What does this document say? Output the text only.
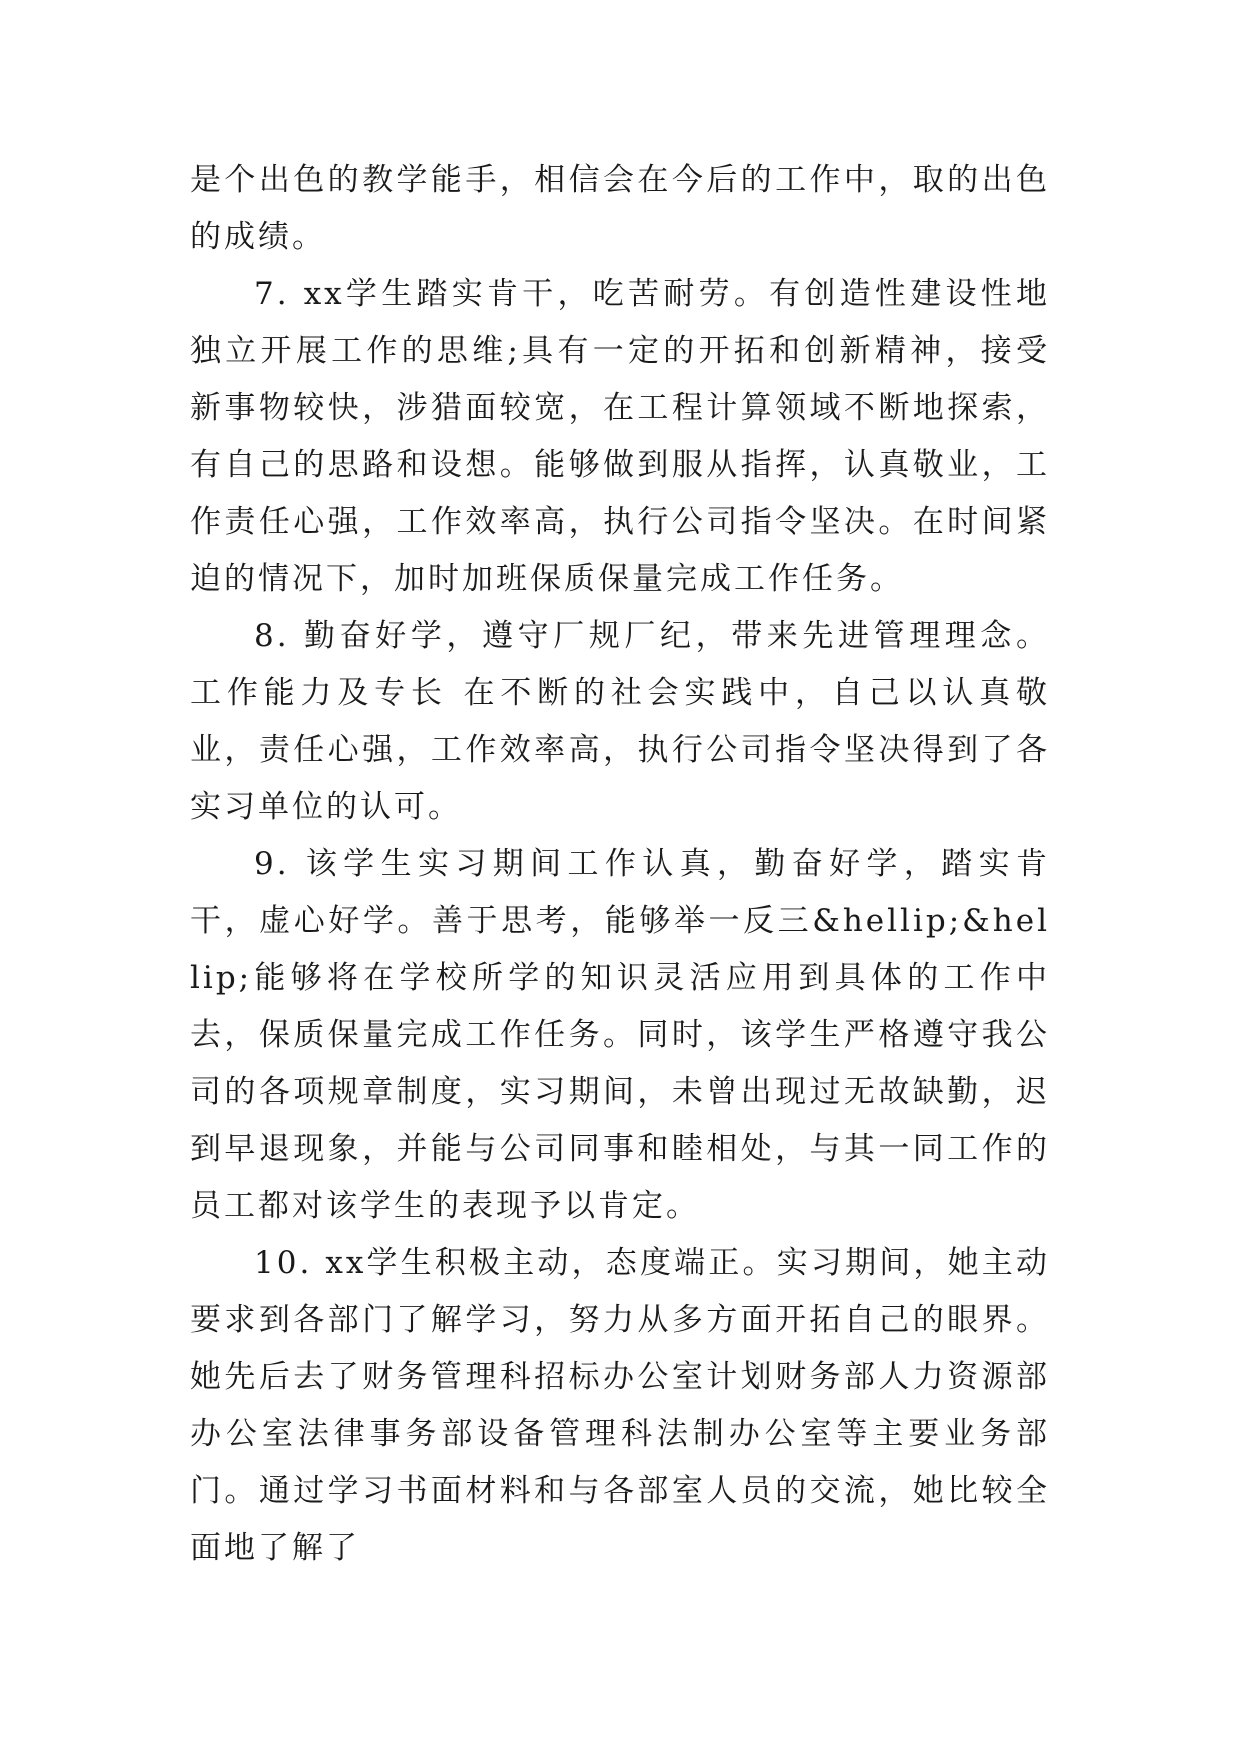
是个出色的教学能手，相信会在今后的工作中，取的出色的成绩。

7. xx学生踏实肯干，吃苦耐劳。有创造性建设性地独立开展工作的思维;具有一定的开拓和创新精神，接受新事物较快，涉猎面较宽，在工程计算领域不断地探索，有自己的思路和设想。能够做到服从指挥，认真敬业，工作责任心强，工作效率高，执行公司指令坚决。在时间紧迫的情况下，加时加班保质保量完成工作任务。

8. 勤奋好学，遵守厂规厂纪，带来先进管理理念。 工作能力及专长 在不断的社会实践中，自己以认真敬业，责任心强，工作效率高，执行公司指令坚决得到了各实习单位的认可。

9. 该学生实习期间工作认真，勤奋好学，踏实肯干，虚心好学。善于思考，能够举一反三&hellip;&hellip;能够将在学校所学的知识灵活应用到具体的工作中去，保质保量完成工作任务。同时，该学生严格遵守我公司的各项规章制度，实习期间，未曾出现过无故缺勤，迟到早退现象，并能与公司同事和睦相处，与其一同工作的员工都对该学生的表现予以肯定。

10. xx学生积极主动，态度端正。实习期间，她主动要求到各部门了解学习，努力从多方面开拓自己的眼界。她先后去了财务管理科招标办公室计划财务部人力资源部办公室法律事务部设备管理科法制办公室等主要业务部门。通过学习书面材料和与各部室人员的交流，她比较全面地了解了
